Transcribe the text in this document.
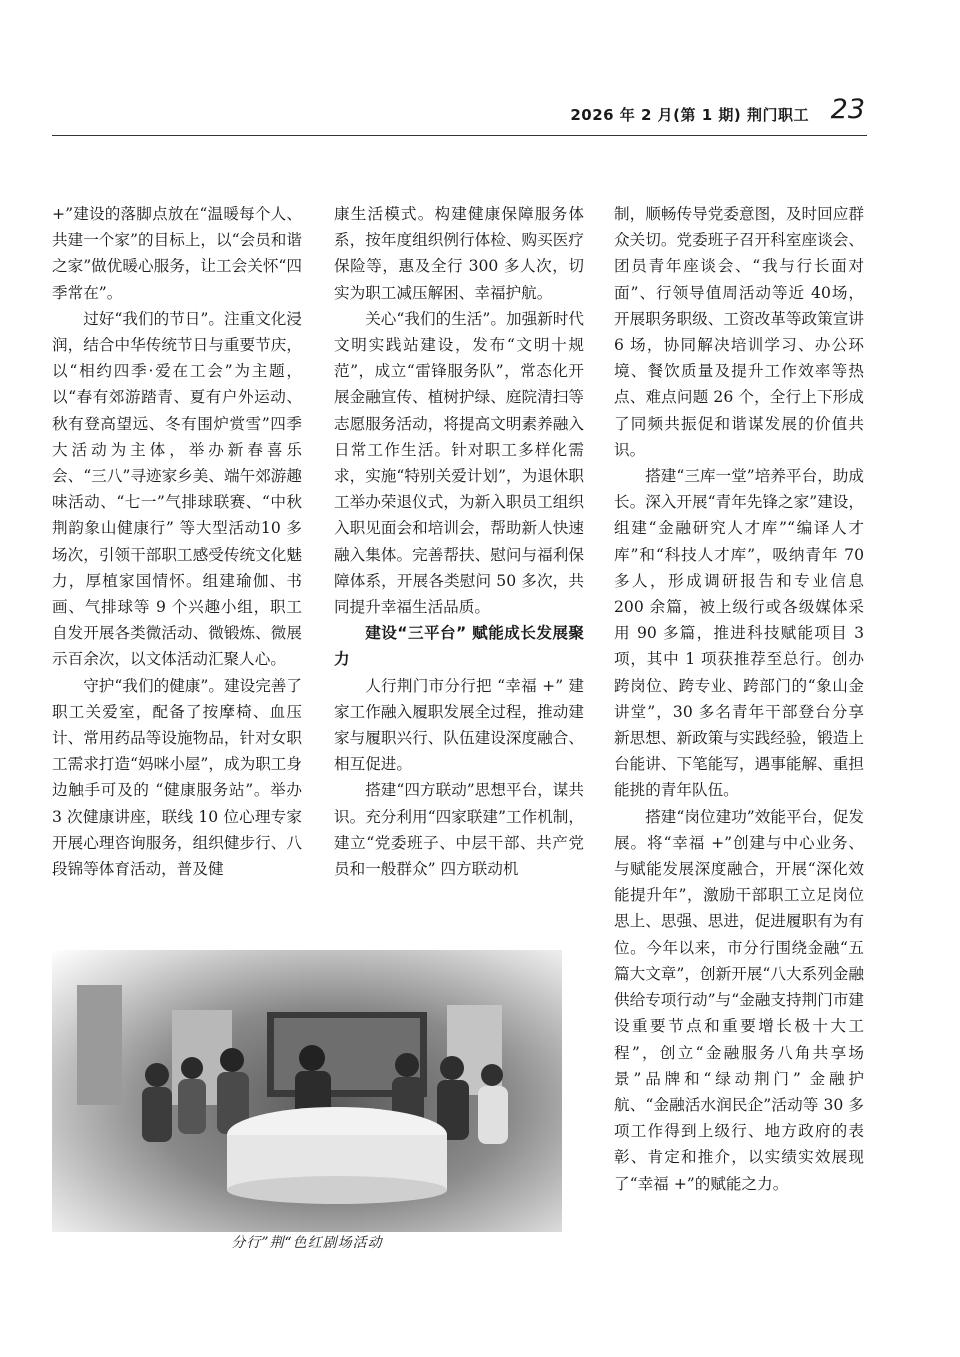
2026 年 2 月(第 1 期) 荆门职工 23

+”建设的落脚点放在“温暖每个人、共建一个家”的目标上，以“会员和谐之家”做优暖心服务，让工会关怀“四季常在”。

过好“我们的节日”。注重文化浸润，结合中华传统节日与重要节庆，以“相约四季·爱在工会”为主题，以“春有郊游踏青、夏有户外运动、秋有登高望远、冬有围炉赏雪”四季大活动为主体，举办新春喜乐会、“三八”寻迹家乡美、端午郊游趣味活动、“七一”气排球联赛、“中秋荆韵象山健康行” 等大型活动10 多场次，引领干部职工感受传统文化魅力，厚植家国情怀。组建瑜伽、书画、气排球等 9 个兴趣小组，职工自发开展各类微活动、微锻炼、微展示百余次，以文体活动汇聚人心。

守护“我们的健康”。建设完善了职工关爱室，配备了按摩椅、血压计、常用药品等设施物品，针对女职工需求打造“妈咪小屋”，成为职工身边触手可及的 “健康服务站”。举办 3 次健康讲座，联线 10 位心理专家开展心理咨询服务，组织健步行、八段锦等体育活动，普及健

康生活模式。构建健康保障服务体系，按年度组织例行体检、购买医疗保险等，惠及全行 300 多人次，切实为职工减压解困、幸福护航。

关心“我们的生活”。加强新时代文明实践站建设，发布“文明十规范”，成立“雷锋服务队”，常态化开展金融宣传、植树护绿、庭院清扫等志愿服务活动，将提高文明素养融入日常工作生活。针对职工多样化需求，实施“特别关爱计划”，为退休职工举办荣退仪式，为新入职员工组织入职见面会和培训会，帮助新人快速融入集体。完善帮扶、慰问与福利保障体系，开展各类慰问 50 多次，共同提升幸福生活品质。

建设“三平台” 赋能成长发展聚力

人行荆门市分行把 “幸福 +” 建家工作融入履职发展全过程，推动建家与履职兴行、队伍建设深度融合、相互促进。

搭建“四方联动”思想平台，谋共识。充分利用“四家联建”工作机制，建立“党委班子、中层干部、共产党员和一般群众” 四方联动机

制，顺畅传导党委意图，及时回应群众关切。党委班子召开科室座谈会、团员青年座谈会、“我与行长面对面”、行领导值周活动等近 40场，开展职务职级、工资改革等政策宣讲 6 场，协同解决培训学习、办公环境、餐饮质量及提升工作效率等热点、难点问题 26 个，全行上下形成了同频共振促和谐谋发展的价值共识。

搭建“三库一堂”培养平台，助成长。深入开展“青年先锋之家”建设，组建“金融研究人才库”“编译人才库”和“科技人才库”，吸纳青年 70 多人，形成调研报告和专业信息 200 余篇，被上级行或各级媒体采用 90 多篇，推进科技赋能项目 3 项，其中 1 项获推荐至总行。创办跨岗位、跨专业、跨部门的“象山金讲堂”，30 多名青年干部登台分享新思想、新政策与实践经验，锻造上台能讲、下笔能写，遇事能解、重担能挑的青年队伍。

搭建“岗位建功”效能平台，促发展。将“幸福 +”创建与中心业务、与赋能发展深度融合，开展“深化效能提升年”，激励干部职工立足岗位思上、思强、思进，促进履职有为有位。今年以来，市分行围绕金融“五篇大文章”，创新开展“八大系列金融供给专项行动”与“金融支持荆门市建设重要节点和重要增长极十大工程”，创立“金融服务八角共享场景”品牌和“绿动荆门” 金融护航、“金融活水润民企”活动等 30 多项工作得到上级行、地方政府的表彰、肯定和推介，以实绩实效展现了“幸福 +”的赋能之力。

分行”荆“色红剧场活动
